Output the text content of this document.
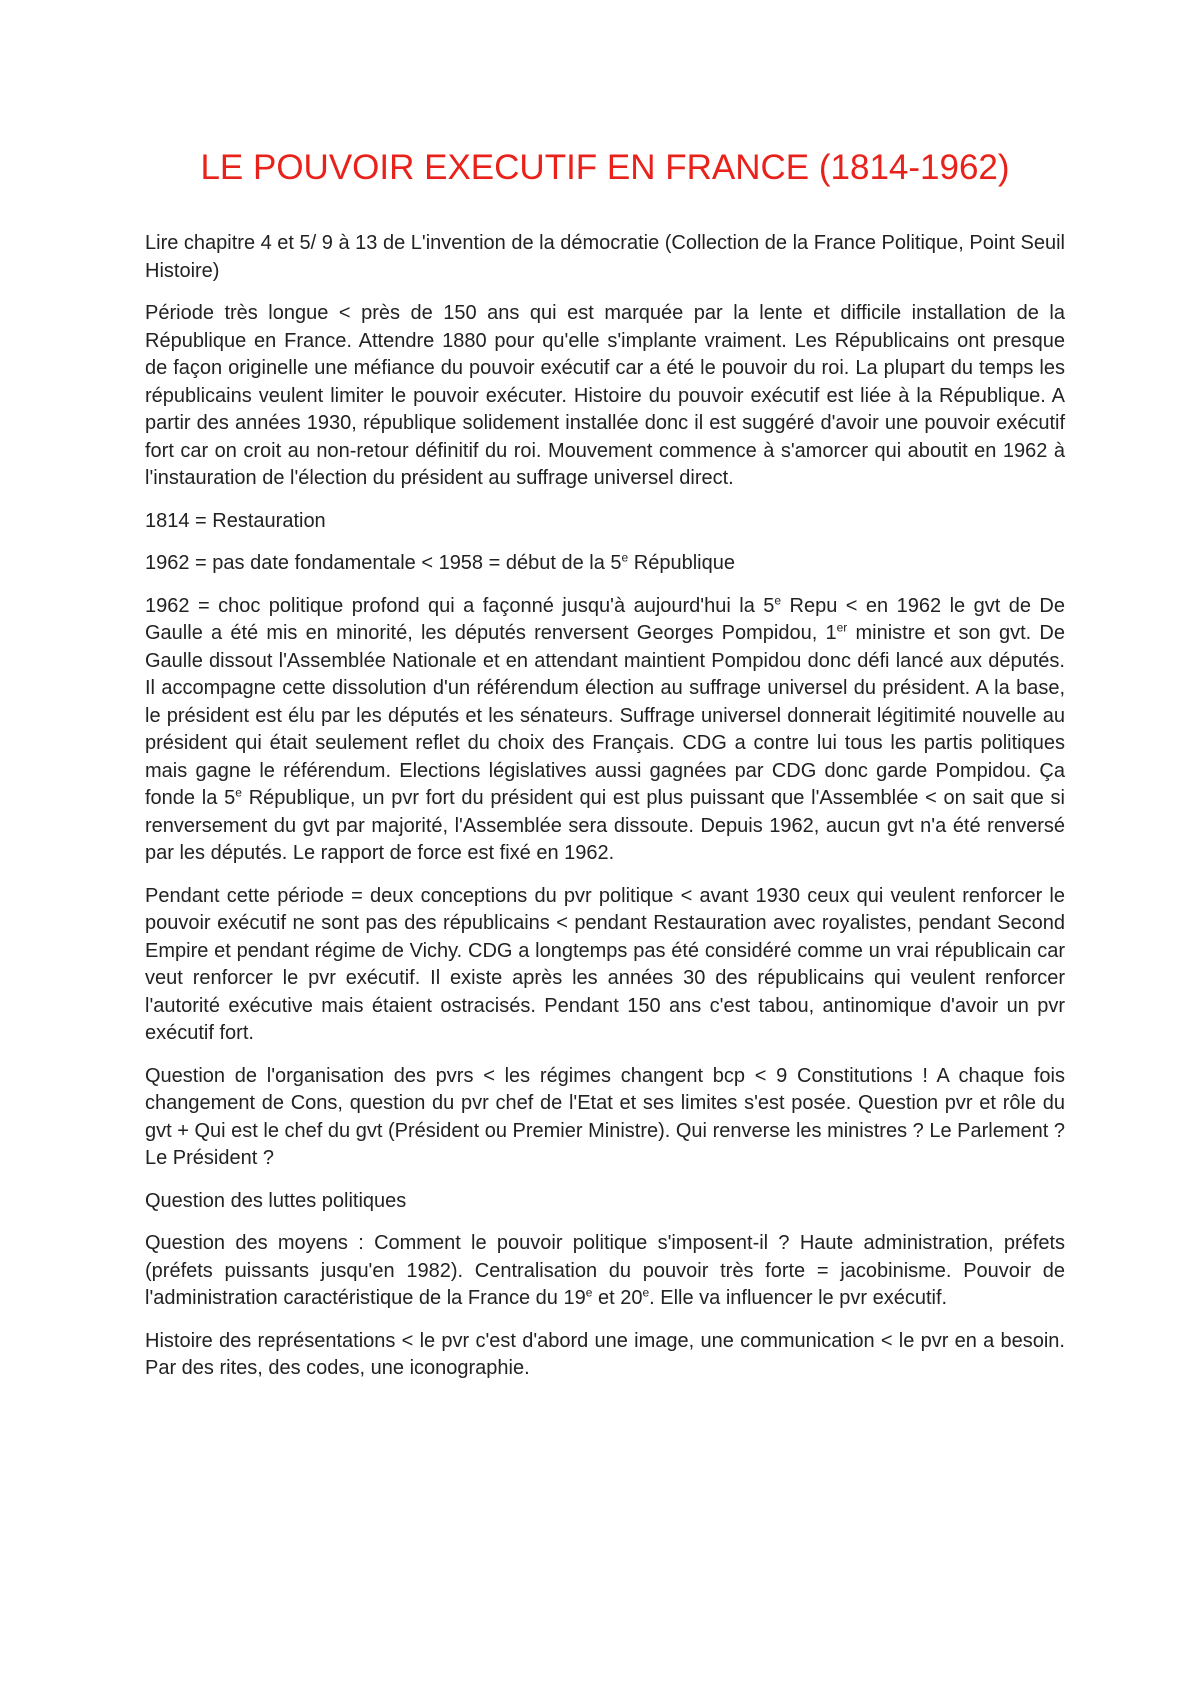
LE POUVOIR EXECUTIF EN FRANCE (1814-1962)

Lire chapitre 4 et 5/ 9 à 13 de L'invention de la démocratie (Collection de la France Politique, Point Seuil Histoire)

Période très longue < près de 150 ans qui est marquée par la lente et difficile installation de la République en France. Attendre 1880 pour qu'elle s'implante vraiment. Les Républicains ont presque de façon originelle une méfiance du pouvoir exécutif car a été le pouvoir du roi. La plupart du temps les républicains veulent limiter le pouvoir exécuter. Histoire du pouvoir exécutif est liée à la République. A partir des années 1930, république solidement installée donc il est suggéré d'avoir une pouvoir exécutif fort car on croit au non-retour définitif du roi. Mouvement commence à s'amorcer qui aboutit en 1962 à l'instauration de l'élection du président au suffrage universel direct.

1814 = Restauration

1962 = pas date fondamentale < 1958 = début de la 5e République

1962 = choc politique profond qui a façonné jusqu'à aujourd'hui la 5e Repu < en 1962 le gvt de De Gaulle a été mis en minorité, les députés renversent Georges Pompidou, 1er ministre et son gvt. De Gaulle dissout l'Assemblée Nationale et en attendant maintient Pompidou donc défi lancé aux députés. Il accompagne cette dissolution d'un référendum élection au suffrage universel du président. A la base, le président est élu par les députés et les sénateurs. Suffrage universel donnerait légitimité nouvelle au président qui était seulement reflet du choix des Français. CDG a contre lui tous les partis politiques mais gagne le référendum. Elections législatives aussi gagnées par CDG donc garde Pompidou. Ça fonde la 5e République, un pvr fort du président qui est plus puissant que l'Assemblée < on sait que si renversement du gvt par majorité, l'Assemblée sera dissoute. Depuis 1962, aucun gvt n'a été renversé par les députés. Le rapport de force est fixé en 1962.

Pendant cette période = deux conceptions du pvr politique < avant 1930 ceux qui veulent renforcer le pouvoir exécutif ne sont pas des républicains < pendant Restauration avec royalistes, pendant Second Empire et pendant régime de Vichy. CDG a longtemps pas été considéré comme un vrai républicain car veut renforcer le pvr exécutif. Il existe après les années 30 des républicains qui veulent renforcer l'autorité exécutive mais étaient ostracisés. Pendant 150 ans c'est tabou, antinomique d'avoir un pvr exécutif fort.

Question de l'organisation des pvrs < les régimes changent bcp < 9 Constitutions ! A chaque fois changement de Cons, question du pvr chef de l'Etat et ses limites s'est posée. Question pvr et rôle du gvt + Qui est le chef du gvt (Président ou Premier Ministre). Qui renverse les ministres ? Le Parlement ? Le Président ?

Question des luttes politiques

Question des moyens : Comment le pouvoir politique s'imposent-il ? Haute administration, préfets (préfets puissants jusqu'en 1982). Centralisation du pouvoir très forte = jacobinisme. Pouvoir de l'administration caractéristique de la France du 19e et 20e. Elle va influencer le pvr exécutif.

Histoire des représentations < le pvr c'est d'abord une image, une communication < le pvr en a besoin. Par des rites, des codes, une iconographie.
